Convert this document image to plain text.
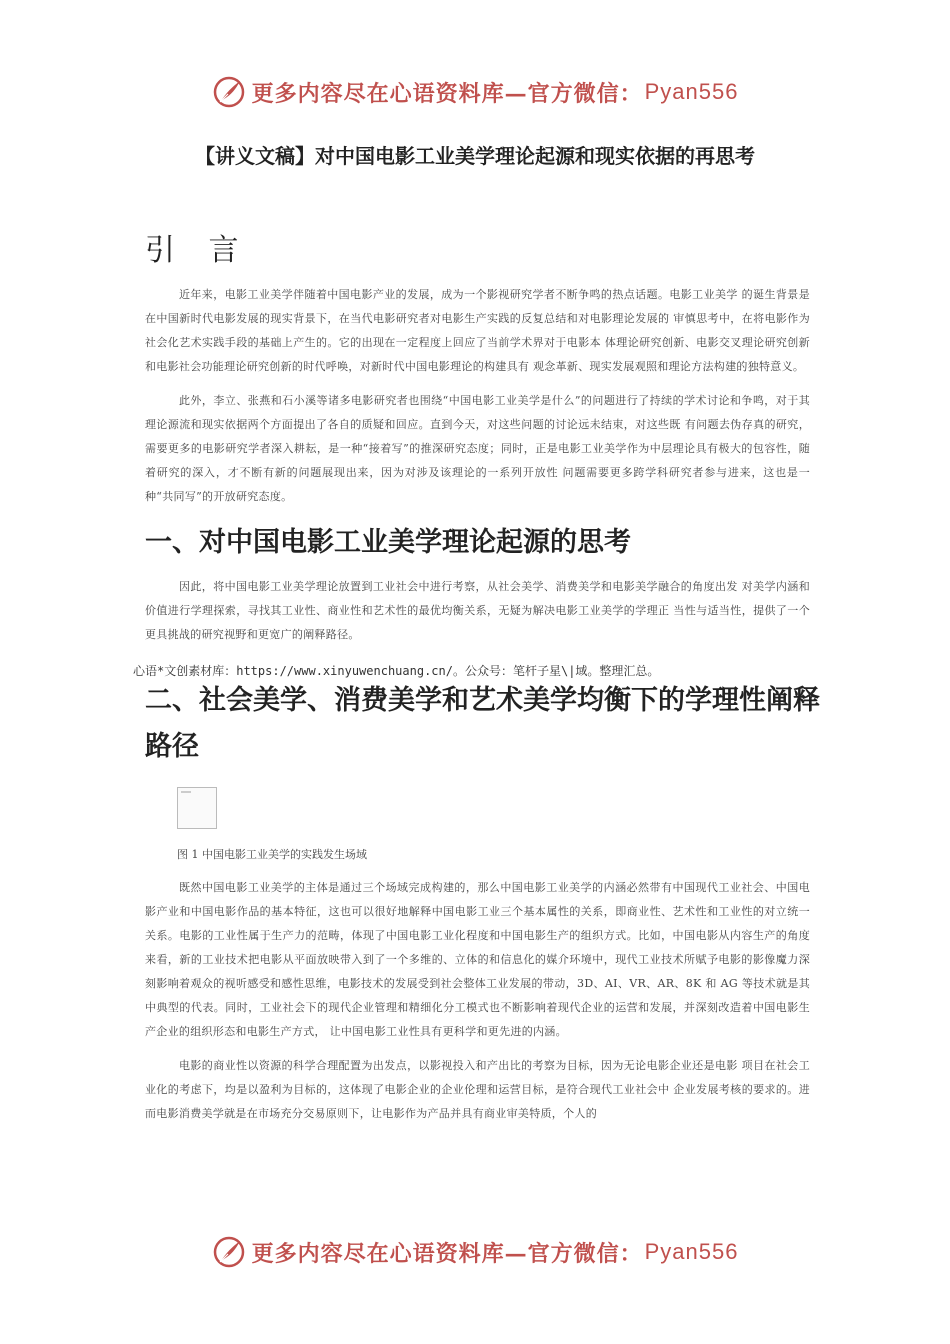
更多内容尽在心语资料库—官方微信： Pyan556
【讲义文稿】对中国电影工业美学理论起源和现实依据的再思考
引 言

近年来，电影工业美学伴随着中国电影产业的发展，成为一个影视研究学者不断争鸣的热点话题。电影工业美学 的诞生背景是在中国新时代电影发展的现实背景下，在当代电影研究者对电影生产实践的反复总结和对电影理论发展的 审慎思考中，在将电影作为社会化艺术实践手段的基础上产生的。它的出现在一定程度上回应了当前学术界对于电影本 体理论研究创新、电影交叉理论研究创新和电影社会功能理论研究创新的时代呼唤，对新时代中国电影理论的构建具有 观念革新、现实发展观照和理论方法构建的独特意义。

此外，李立、张燕和石小溪等诸多电影研究者也围绕“中国电影工业美学是什么”的问题进行了持续的学术讨论和争鸣，对于其理论源流和现实依据两个方面提出了各自的质疑和回应。直到今天，对这些问题的讨论远未结束，对这些既 有问题去伪存真的研究，需要更多的电影研究学者深入耕耘，是一种“接着写”的推深研究态度；同时，正是电影工业美学作为中层理论具有极大的包容性，随着研究的深入，才不断有新的问题展现出来，因为对涉及该理论的一系列开放性 问题需要更多跨学科研究者参与进来，这也是一种“共同写”的开放研究态度。

一、对中国电影工业美学理论起源的思考

因此，将中国电影工业美学理论放置到工业社会中进行考察，从社会美学、消费美学和电影美学融合的角度出发 对美学内涵和价值进行学理探索，寻找其工业性、商业性和艺术性的最优均衡关系，无疑为解决电影工业美学的学理正 当性与适当性，提供了一个更具挑战的研究视野和更宽广的阐释路径。

心语*文创素材库：https://www.xinyuwenchuang.cn/。公众号：笔杆子星\|域。整理汇总。
二、社会美学、消费美学和艺术美学均衡下的学理性阐释路径
图 1 中国电影工业美学的实践发生场域

既然中国电影工业美学的主体是通过三个场域完成构建的，那么中国电影工业美学的内涵必然带有中国现代工业社会、中国电影产业和中国电影作品的基本特征，这也可以很好地解释中国电影工业三个基本属性的关系，即商业性、艺术性和工业性的对立统一关系。电影的工业性属于生产力的范畴，体现了中国电影工业化程度和中国电影生产的组织方式。比如，中国电影从内容生产的角度来看，新的工业技术把电影从平面放映带入到了一个多维的、立体的和信息化的媒介环境中，现代工业技术所赋予电影的影像魔力深刻影响着观众的视听感受和感性思维，电影技术的发展受到社会整体工业发展的带动，3D、AI、VR、AR、8K 和 AG 等技术就是其中典型的代表。同时，工业社会下的现代企业管理和精细化分工模式也不断影响着现代企业的运营和发展，并深刻改造着中国电影生产企业的组织形态和电影生产方式， 让中国电影工业性具有更科学和更先进的内涵。

电影的商业性以资源的科学合理配置为出发点，以影视投入和产出比的考察为目标，因为无论电影企业还是电影 项目在社会工业化的考虑下，均是以盈利为目标的，这体现了电影企业的企业伦理和运营目标，是符合现代工业社会中 企业发展考核的要求的。进而电影消费美学就是在市场充分交易原则下，让电影作为产品并具有商业审美特质，个人的

更多内容尽在心语资料库—官方微信： Pyan556
